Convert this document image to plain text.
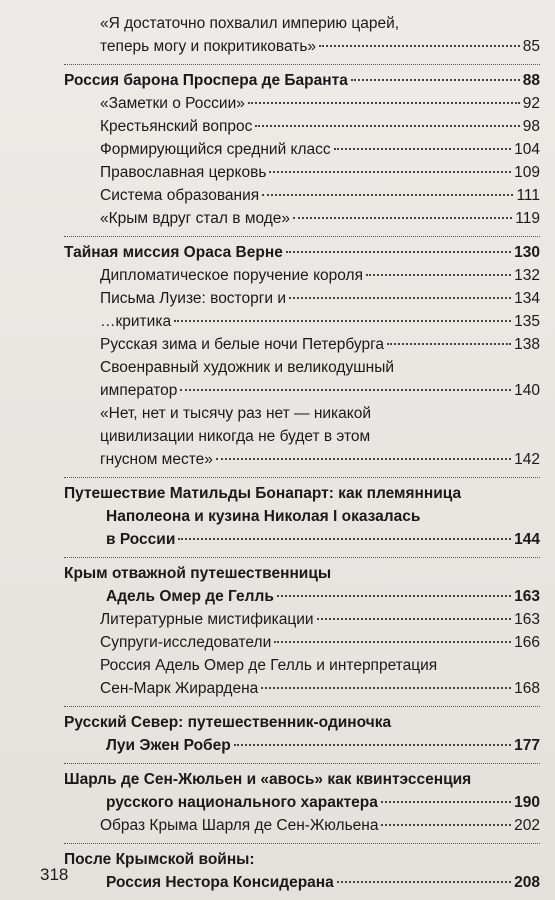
«Я достаточно похвалил империю царей,
теперь могу и покритиковать»	85
Россия барона Проспера де Баранта	88
«Заметки о России»	92
Крестьянский вопрос	98
Формирующийся средний класс	104
Православная церковь	109
Система образования	111
«Крым вдруг стал в моде»	119
Тайная миссия Ораса Верне	130
Дипломатическое поручение короля	132
Письма Луизе: восторги и	134
…критика	135
Русская зима и белые ночи Петербурга	138
Своенравный художник и великодушный
император	140
«Нет, нет и тысячу раз нет — никакой
цивилизации никогда не будет в этом
гнусном месте»	142
Путешествие Матильды Бонапарт: как племянница
Наполеона и кузина Николая I оказалась
в России	144
Крым отважной путешественницы
Адель Омер де Гелль	163
Литературные мистификации	163
Супруги-исследователи	166
Россия Адель Омер де Гелль и интерпретация
Сен-Марк Жирардена	168
Русский Север: путешественник-одиночка
Луи Эжен Робер	177
Шарль де Сен-Жюльен и «авось» как квинтэссенция
русского национального характера	190
Образ Крыма Шарля де Сен-Жюльена	202
После Крымской войны:
Россия Нестора Консидерана	208
318
